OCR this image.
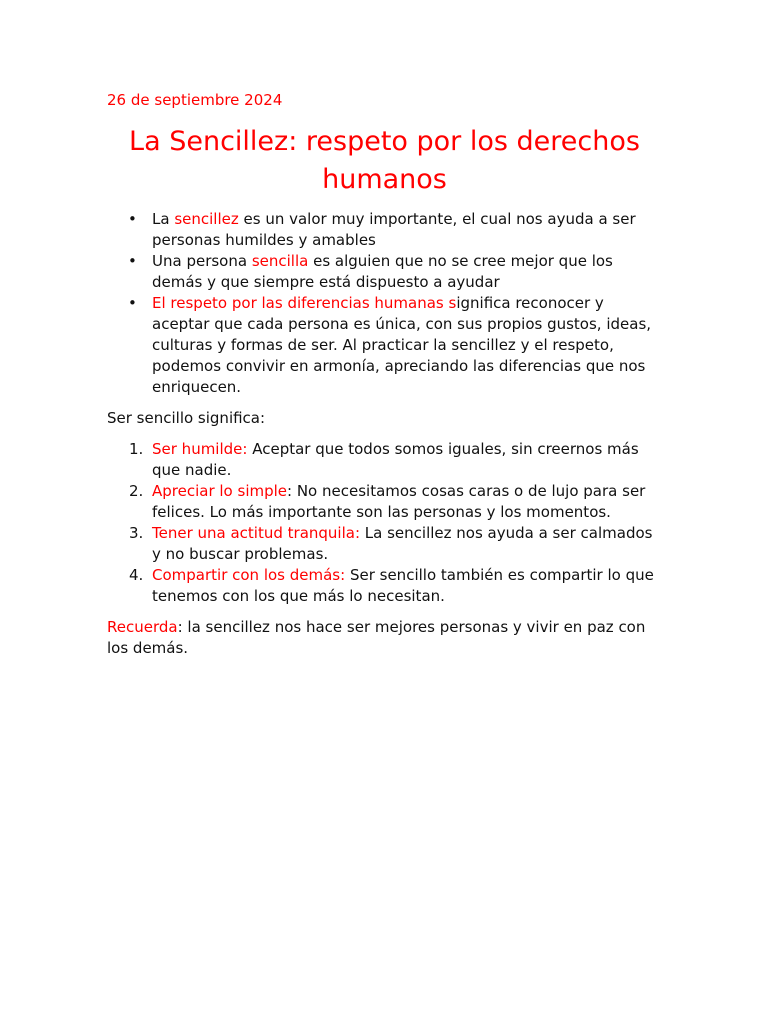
26 de septiembre 2024

La Sencillez: respeto por los derechos humanos
• La sencillez es un valor muy importante, el cual nos ayuda a ser personas humildes y amables
• Una persona sencilla es alguien que no se cree mejor que los demás y que siempre está dispuesto a ayudar
• El respeto por las diferencias humanas significa reconocer y aceptar que cada persona es única, con sus propios gustos, ideas, culturas y formas de ser. Al practicar la sencillez y el respeto, podemos convivir en armonía, apreciando las diferencias que nos enriquecen.

Ser sencillo significa:

1. Ser humilde: Aceptar que todos somos iguales, sin creernos más que nadie.
2. Apreciar lo simple: No necesitamos cosas caras o de lujo para ser felices. Lo más importante son las personas y los momentos.
3. Tener una actitud tranquila: La sencillez nos ayuda a ser calmados y no buscar problemas.
4. Compartir con los demás: Ser sencillo también es compartir lo que tenemos con los que más lo necesitan.

Recuerda: la sencillez nos hace ser mejores personas y vivir en paz con los demás.
